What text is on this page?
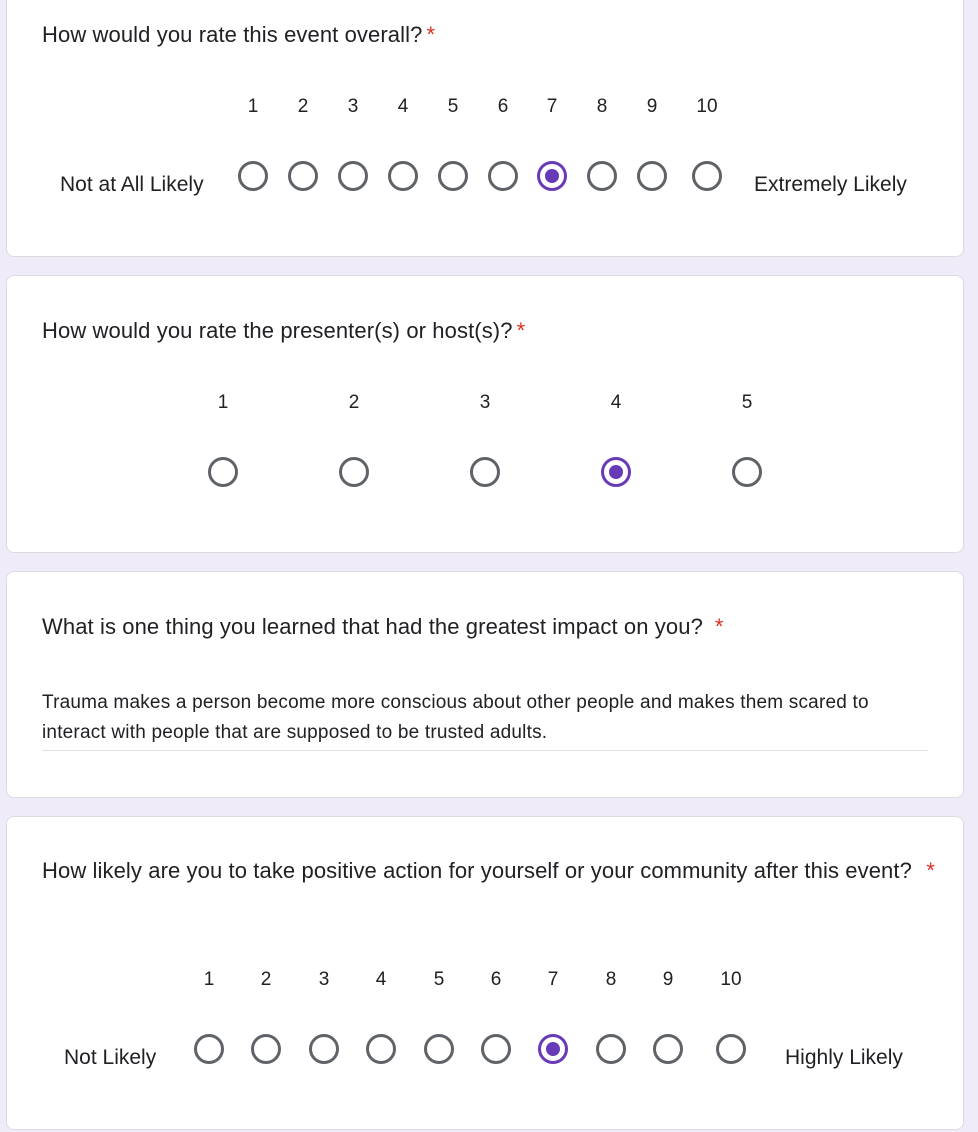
How would you rate this event overall? *
Not at All Likely	Extremely Likely
1	2	3	4	5	6	7	8	9	10
How would you rate the presenter(s) or host(s)? *
1	2	3	4	5
What is one thing you learned that had the greatest impact on you? *
Trauma makes a person become more conscious about other people and makes them scared to interact with people that are supposed to be trusted adults.
How likely are you to take positive action for yourself or your community after this event? *
Not Likely	Highly Likely
1	2	3	4	5	6	7	8	9	10
